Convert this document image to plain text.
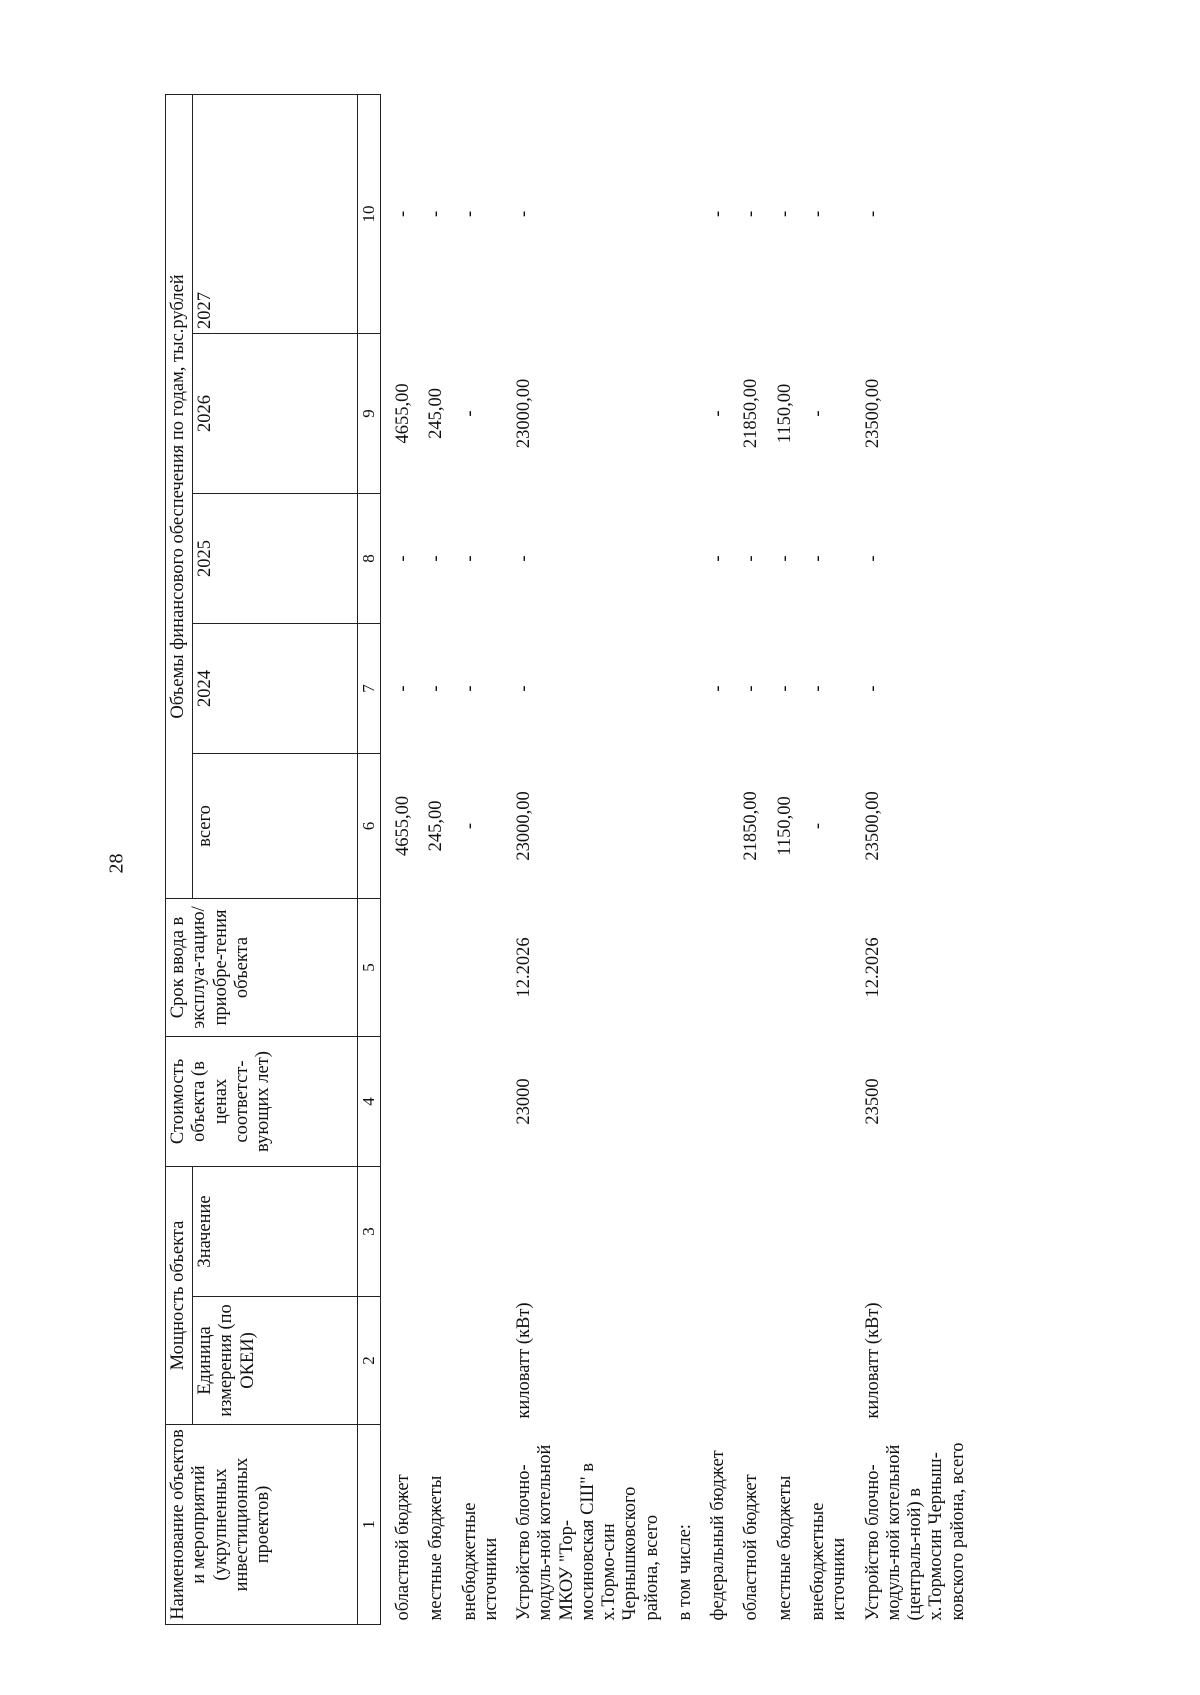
28
Наименование объектов и мероприятий (укрупненных инвестиционных проектов)	Мощность объекта		Стоимость объекта (в ценах соответст-вующих лет)	Срок ввода в эксплуа-тацию/ приобре-тения объекта	Объемы финансового обеспечения по годам, тыс.рублей				
	Единица измерения (по ОКЕИ)	Значение			всего	2024	2025	2026	2027
1	2	3	4	5	6	7	8	9	10
областной бюджет					4655,00	-	-	4655,00	-
местные бюджеты					245,00	-	-	245,00	-
внебюджетные источники					-	-	-	-	-
Устройство блочно-модуль-ной котельной МКОУ "Тор-мосиновская СШ" в х.Тормо-син Чернышковского района, всего	киловатт (кВт)		23000	12.2026	23000,00	-	-	23000,00	-
в том числе:									
федеральный бюджет						-	-	-	-
областной бюджет					21850,00	-	-	21850,00	-
местные бюджеты					1150,00	-	-	1150,00	-
внебюджетные источники					-	-	-	-	-
Устройство блочно-модуль-ной котельной (централь-ной) в х.Тормосин Черныш-ковского района, всего	киловатт (кВт)		23500	12.2026	23500,00	-	-	23500,00	-
